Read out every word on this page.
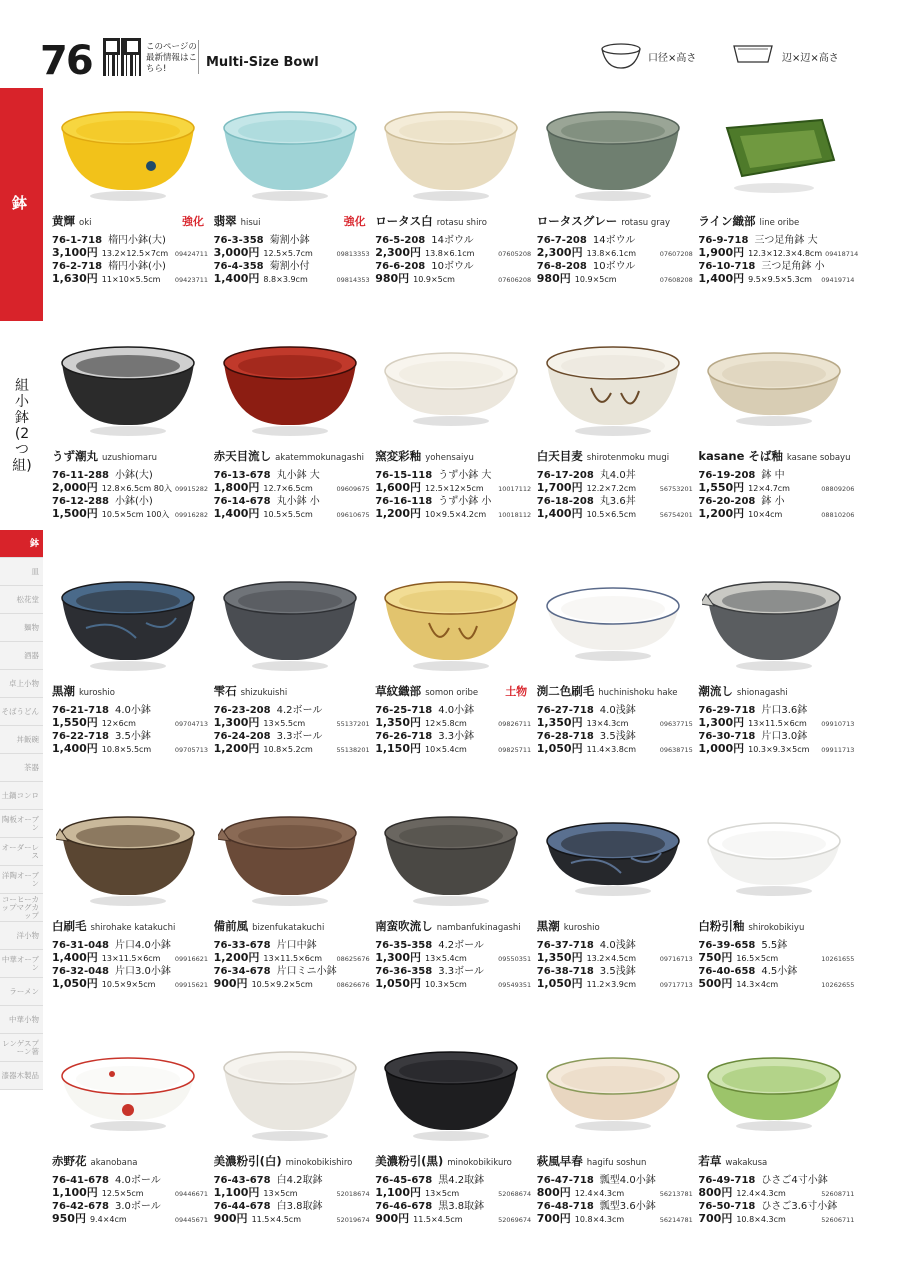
76	このページの最新情報はこちら!	Multi-Size Bowl	口径×高さ	辺×辺×高さ
鉢
組小鉢(2つ組)
鉢
皿
松花堂
麺物
酒器
卓上小物
そばうどん
丼飯碗
茶器
土鍋コンロ
陶板オーブン
オーダーレス
洋陶オーブン
コーヒーカップマグカップ
洋小物
中華オーブン
ラーメン
中華小物
レンゲスプーン箸
漆器木製品
黄輝 oki	強化
76-1-718 楕円小鉢(大)
3,100円 13.2×12.5×7cm 09424711
76-2-718 楕円小鉢(小)
1,630円 11×10×5.5cm 09423711
翡翠 hisui	強化
76-3-358 菊割小鉢
3,000円 12.5×5.7cm	09813353
76-4-358 菊割小付
1,400円 8.8×3.9cm	09814353
ロータス白 rotasu shiro
76-5-208 14ボウル
2,300円 13.8×6.1cm	07605208
76-6-208 10ボウル
980円 10.9×5cm	07606208
ロータスグレー rotasu gray
76-7-208 14ボウル
2,300円 13.8×6.1cm	07607208
76-8-208 10ボウル
980円 10.9×5cm	07608208
ライン織部 line oribe
76-9-718 三つ足角鉢 大
1,900円 12.3×12.3×4.8cm 09418714
76-10-718 三つ足角鉢 小
1,400円 9.5×9.5×5.3cm 09419714
うず潮丸 uzushiomaru
76-11-288 小鉢(大)
2,000円 12.8×6.5cm 80入 09915282
76-12-288 小鉢(小)
1,500円 10.5×5cm 100入 09916282
赤天目流し akatemmokunagashi
76-13-678 丸小鉢 大
1,800円 12.7×6.5cm	09609675
76-14-678 丸小鉢 小
1,400円 10.5×5.5cm	09610675
窯変彩釉 yohensaiyu
76-15-118 うず小鉢 大
1,600円 12.5×12×5cm 10017112
76-16-118 うず小鉢 小
1,200円 10×9.5×4.2cm 10018112
白天目麦 shirotenmoku mugi
76-17-208 丸4.0丼
1,700円 12.2×7.2cm	56753201
76-18-208 丸3.6丼
1,400円 10.5×6.5cm	56754201
kasane そば釉 kasane sobayu
76-19-208 鉢 中
1,550円 12×4.7cm	08809206
76-20-208 鉢 小
1,200円 10×4cm	08810206
黒潮 kuroshio
76-21-718 4.0小鉢
1,550円 12×6cm	09704713
76-22-718 3.5小鉢
1,400円 10.8×5.5cm	09705713
雫石 shizukuishi
76-23-208 4.2ボール
1,300円 13×5.5cm	55137201
76-24-208 3.3ボール
1,200円 10.8×5.2cm	55138201
草紋織部 somon oribe 土物
76-25-718 4.0小鉢
1,350円 12×5.8cm	09826711
76-26-718 3.3小鉢
1,150円 10×5.4cm	09825711
渕二色刷毛 huchinishoku hake
76-27-718 4.0浅鉢
1,350円 13×4.3cm	09637715
76-28-718 3.5浅鉢
1,050円 11.4×3.8cm	09638715
潮流し shionagashi
76-29-718 片口3.6鉢
1,300円 13×11.5×6cm 09910713
76-30-718 片口3.0鉢
1,000円 10.3×9.3×5cm 09911713
白刷毛 shirohake katakuchi
76-31-048 片口4.0小鉢
1,400円 13×11.5×6cm 09916621
76-32-048 片口3.0小鉢
1,050円 10.5×9×5cm	09915621
備前風 bizenfukatakuchi
76-33-678 片口中鉢
1,200円 13×11.5×6cm 08625676
76-34-678 片口ミニ小鉢
900円 10.5×9.2×5cm	08626676
南蛮吹流し nambanfukinagashi
76-35-358 4.2ボール
1,300円 13×5.4cm	09550351
76-36-358 3.3ボール
1,050円 10.3×5cm	09549351
黒潮 kuroshio
76-37-718 4.0浅鉢
1,350円 13.2×4.5cm	09716713
76-38-718 3.5浅鉢
1,050円 11.2×3.9cm	09717713
白粉引釉 shirokobikiyu
76-39-658 5.5鉢
750円 16.5×5cm	10261655
76-40-658 4.5小鉢
500円 14.3×4cm	10262655
赤野花 akanobana
76-41-678 4.0ボール
1,100円 12.5×5cm	09446671
76-42-678 3.0ボール
950円 9.4×4cm	09445671
美濃粉引(白) minokobikishiro
76-43-678 白4.2取鉢
1,100円 13×5cm	52018674
76-44-678 白3.8取鉢
900円 11.5×4.5cm	52019674
美濃粉引(黒) minokobikikuro
76-45-678 黒4.2取鉢
1,100円 13×5cm	52068674
76-46-678 黒3.8取鉢
900円 11.5×4.5cm	52069674
萩風早春 hagifu soshun
76-47-718 瓢型4.0小鉢
800円 12.4×4.3cm	56213781
76-48-718 瓢型3.6小鉢
700円 10.8×4.3cm	56214781
若草 wakakusa
76-49-718 ひさご4寸小鉢
800円 12.4×4.3cm	52608711
76-50-718 ひさご3.6寸小鉢
700円 10.8×4.3cm	52606711
